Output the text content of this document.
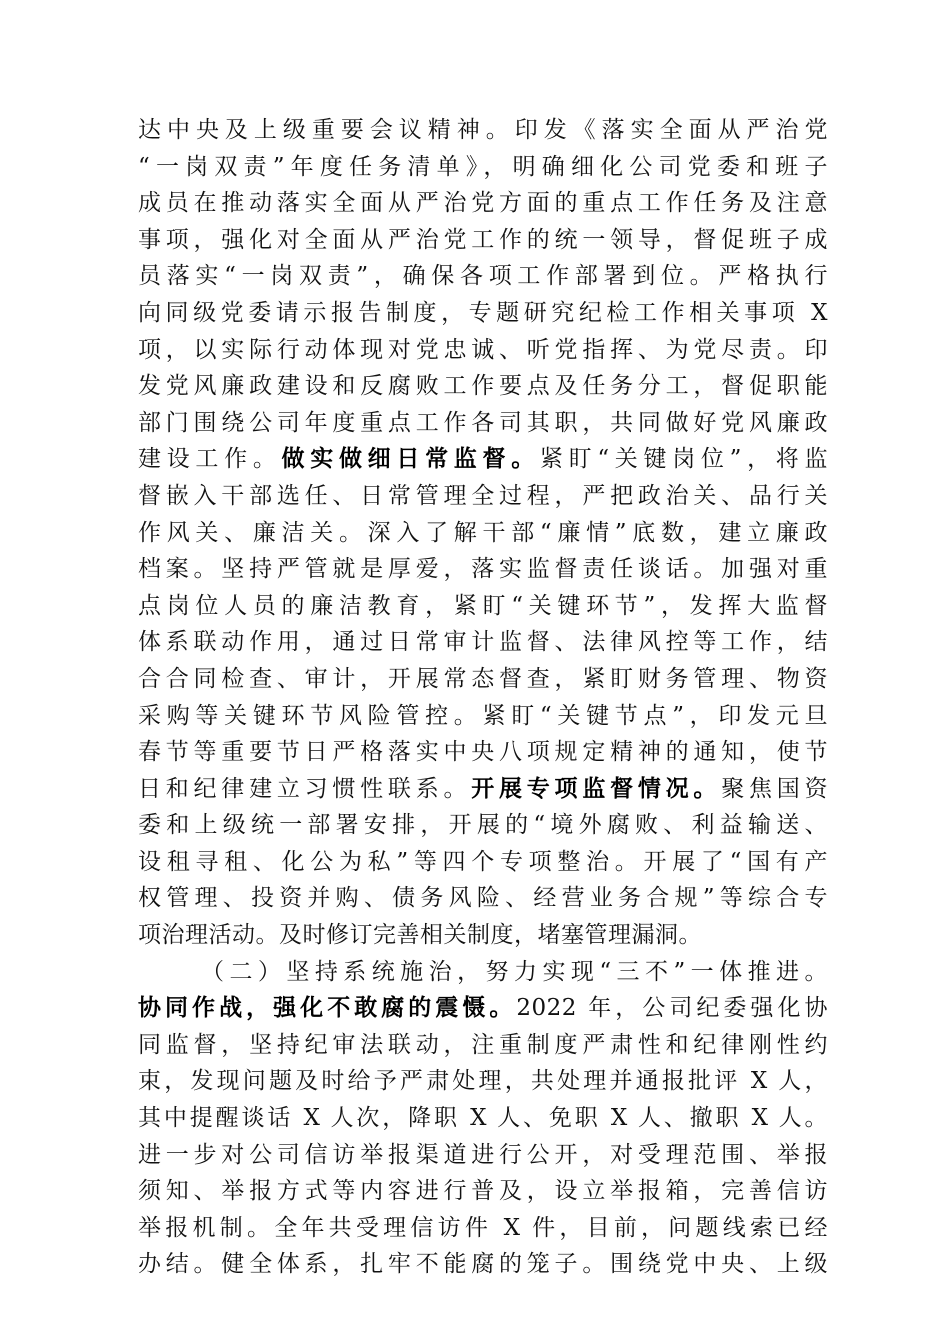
达中央及上级重要会议精神。印发《落实全面从严治党
“一岗双责”年度任务清单》，明确细化公司党委和班子
成员在推动落实全面从严治党方面的重点工作任务及注意
事项，强化对全面从严治党工作的统一领导，督促班子成
员落实“一岗双责”，确保各项工作部署到位。严格执行
向同级党委请示报告制度，专题研究纪检工作相关事项 X
项，以实际行动体现对党忠诚、听党指挥、为党尽责。印
发党风廉政建设和反腐败工作要点及任务分工，督促职能
部门围绕公司年度重点工作各司其职，共同做好党风廉政
建设工作。做实做细日常监督。紧盯“关键岗位”，将监
督嵌入干部选任、日常管理全过程，严把政治关、品行关
作风关、廉洁关。深入了解干部“廉情”底数，建立廉政
档案。坚持严管就是厚爱，落实监督责任谈话。加强对重
点岗位人员的廉洁教育，紧盯“关键环节”，发挥大监督
体系联动作用，通过日常审计监督、法律风控等工作，结
合合同检查、审计，开展常态督查，紧盯财务管理、物资
采购等关键环节风险管控。紧盯“关键节点”，印发元旦
春节等重要节日严格落实中央八项规定精神的通知，使节
日和纪律建立习惯性联系。开展专项监督情况。聚焦国资
委和上级统一部署安排，开展的“境外腐败、利益输送、
设租寻租、化公为私”等四个专项整治。开展了“国有产
权管理、投资并购、债务风险、经营业务合规”等综合专
项治理活动。及时修订完善相关制度，堵塞管理漏洞。
（二）坚持系统施治，努力实现“三不”一体推进。
协同作战，强化不敢腐的震慑。2022 年，公司纪委强化协
同监督，坚持纪审法联动，注重制度严肃性和纪律刚性约
束，发现问题及时给予严肃处理，共处理并通报批评 X 人，
其中提醒谈话 X 人次，降职 X 人、免职 X 人、撤职 X 人。
进一步对公司信访举报渠道进行公开，对受理范围、举报
须知、举报方式等内容进行普及，设立举报箱，完善信访
举报机制。全年共受理信访件 X 件，目前，问题线索已经
办结。健全体系，扎牢不能腐的笼子。围绕党中央、上级
